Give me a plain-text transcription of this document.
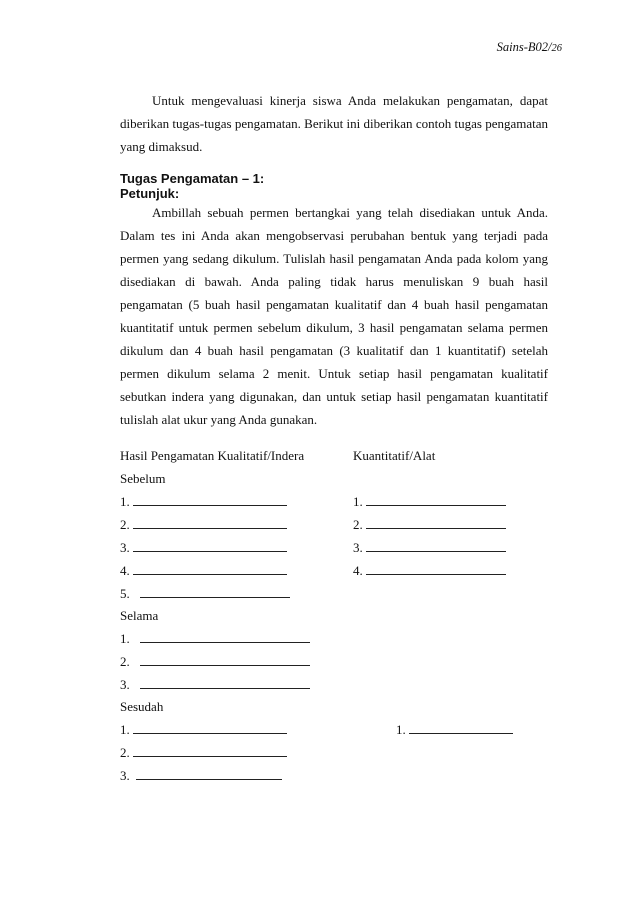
Sains-B02/26

Untuk mengevaluasi kinerja siswa Anda melakukan pengamatan, dapat diberikan tugas-tugas pengamatan. Berikut ini diberikan contoh tugas pengamatan yang dimaksud.

Tugas Pengamatan – 1:
Petunjuk:

Ambillah sebuah permen bertangkai yang telah disediakan untuk Anda. Dalam tes ini Anda akan mengobservasi perubahan bentuk yang terjadi pada permen yang sedang dikulum. Tulislah hasil pengamatan Anda pada kolom yang disediakan di bawah. Anda paling tidak harus menuliskan 9 buah hasil pengamatan (5 buah hasil pengamatan kualitatif dan 4 buah hasil pengamatan kuantitatif untuk permen sebelum dikulum, 3 hasil pengamatan selama permen dikulum dan 4 buah hasil pengamatan (3 kualitatif dan 1 kuantitatif) setelah permen dikulum selama 2 menit. Untuk setiap hasil pengamatan kualitatif sebutkan indera yang digunakan, dan untuk setiap hasil pengamatan kuantitatif tulislah alat ukur yang Anda gunakan.

Hasil Pengamatan Kualitatif/Indera	Kuantitatif/Alat
Sebelum
1.	1.
2.	2.
3.	3.
4.	4.
5.
Selama
1.
2.
3.
Sesudah
1.	1.
2.
3.
